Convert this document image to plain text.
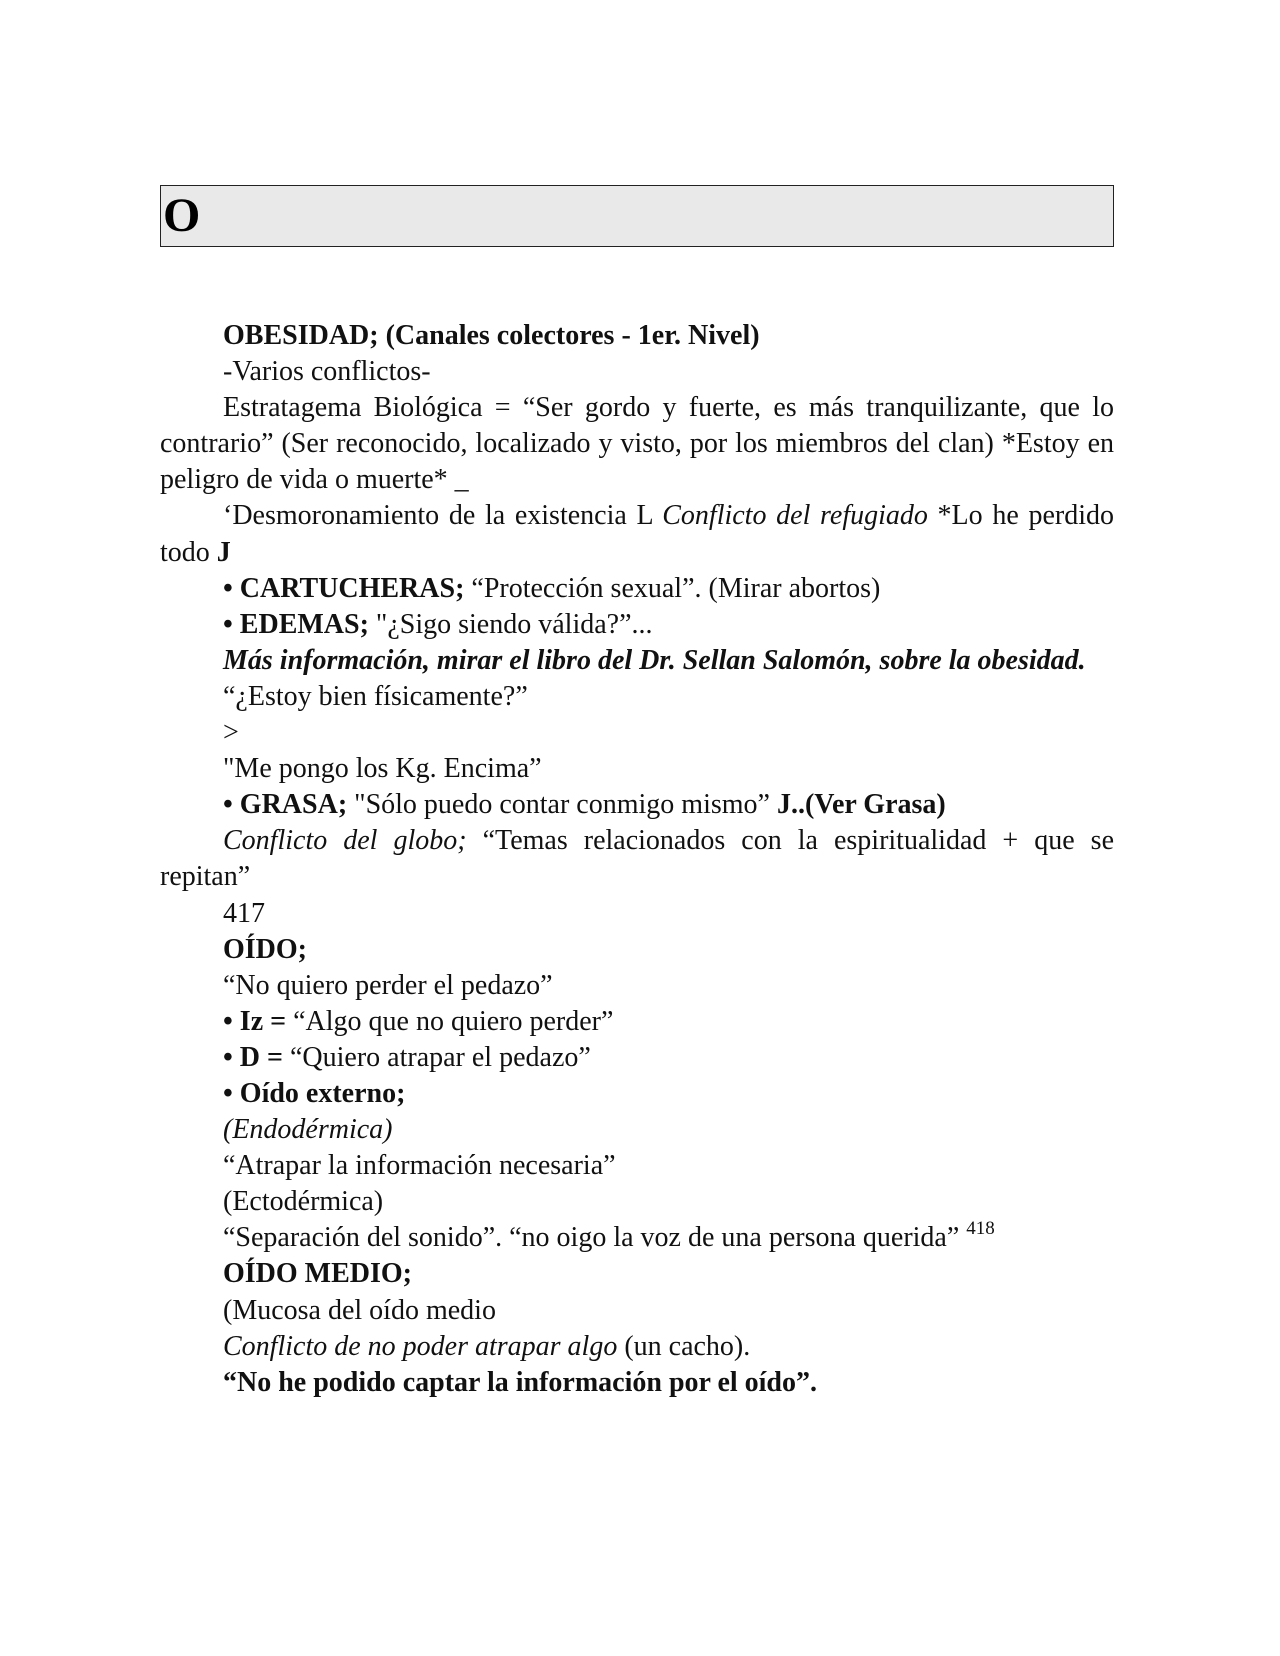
O

OBESIDAD; (Canales colectores - 1er. Nivel)

-Varios conflictos-

Estratagema Biológica = “Ser gordo y fuerte, es más tranquilizante, que lo contrario” (Ser reconocido, localizado y visto, por los miembros del clan) *Estoy en peligro de vida o muerte* _

‘Desmoronamiento de la existencia L Conflicto del refugiado *Lo he perdido todo J

• CARTUCHERAS; “Protección sexual”. (Mirar abortos)

• EDEMAS; "¿Sigo siendo válida?”...

Más información, mirar el libro del Dr. Sellan Salomón, sobre la obesidad.

“¿Estoy bien físicamente?”

>

"Me pongo los Kg. Encima”

• GRASA; "Sólo puedo contar conmigo mismo” J..(Ver Grasa)

Conflicto del globo; “Temas relacionados con la espiritualidad + que se repitan”

417

OÍDO;

“No quiero perder el pedazo”

• Iz = “Algo que no quiero perder”

• D = “Quiero atrapar el pedazo”

• Oído externo;

(Endodérmica)

“Atrapar la información necesaria”

(Ectodérmica)

“Separación del sonido”. “no oigo la voz de una persona querida” $^{418}$

OÍDO MEDIO;

(Mucosa del oído medio

Conflicto de no poder atrapar algo (un cacho).

“No he podido captar la información por el oído”.
